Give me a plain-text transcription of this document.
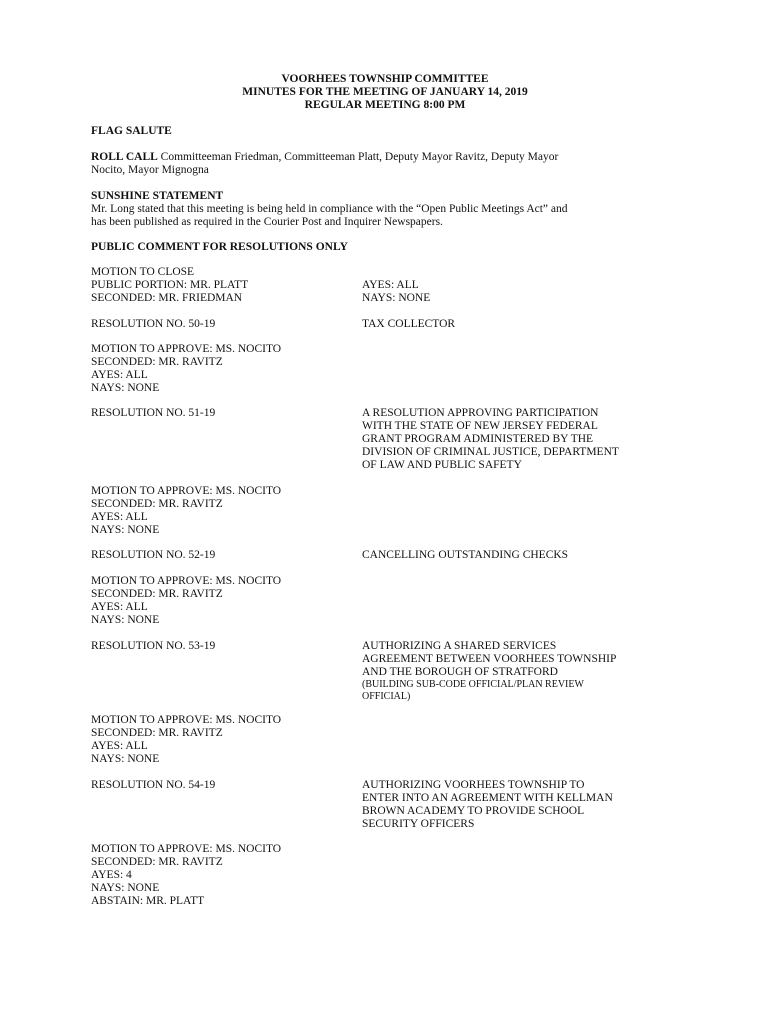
VOORHEES TOWNSHIP COMMITTEE
MINUTES FOR THE MEETING OF JANUARY 14, 2019
REGULAR MEETING 8:00 PM
FLAG SALUTE
ROLL CALL Committeeman Friedman, Committeeman Platt, Deputy Mayor Ravitz, Deputy Mayor
Nocito, Mayor Mignogna
SUNSHINE STATEMENT
Mr. Long stated that this meeting is being held in compliance with the “Open Public Meetings Act” and
has been published as required in the Courier Post and Inquirer Newspapers.
PUBLIC COMMENT FOR RESOLUTIONS ONLY
MOTION TO CLOSE
PUBLIC PORTION: MR. PLATT
SECONDED: MR. FRIEDMAN
AYES: ALL
NAYS: NONE
RESOLUTION NO. 50-19	TAX COLLECTOR
MOTION TO APPROVE: MS. NOCITO
SECONDED: MR. RAVITZ
AYES: ALL
NAYS: NONE
RESOLUTION NO. 51-19	A RESOLUTION APPROVING PARTICIPATION
WITH THE STATE OF NEW JERSEY FEDERAL
GRANT PROGRAM ADMINISTERED BY THE
DIVISION OF CRIMINAL JUSTICE, DEPARTMENT
OF LAW AND PUBLIC SAFETY
MOTION TO APPROVE: MS. NOCITO
SECONDED: MR. RAVITZ
AYES: ALL
NAYS: NONE
RESOLUTION NO. 52-19	CANCELLING OUTSTANDING CHECKS
MOTION TO APPROVE: MS. NOCITO
SECONDED: MR. RAVITZ
AYES: ALL
NAYS: NONE
RESOLUTION NO. 53-19	AUTHORIZING A SHARED SERVICES
AGREEMENT BETWEEN VOORHEES TOWNSHIP
AND THE BOROUGH OF STRATFORD
(BUILDING SUB-CODE OFFICIAL/PLAN REVIEW
OFFICIAL)
MOTION TO APPROVE: MS. NOCITO
SECONDED: MR. RAVITZ
AYES: ALL
NAYS: NONE
RESOLUTION NO. 54-19	AUTHORIZING VOORHEES TOWNSHIP TO
ENTER INTO AN AGREEMENT WITH KELLMAN
BROWN ACADEMY TO PROVIDE SCHOOL
SECURITY OFFICERS
MOTION TO APPROVE: MS. NOCITO
SECONDED: MR. RAVITZ
AYES: 4
NAYS: NONE
ABSTAIN: MR. PLATT
